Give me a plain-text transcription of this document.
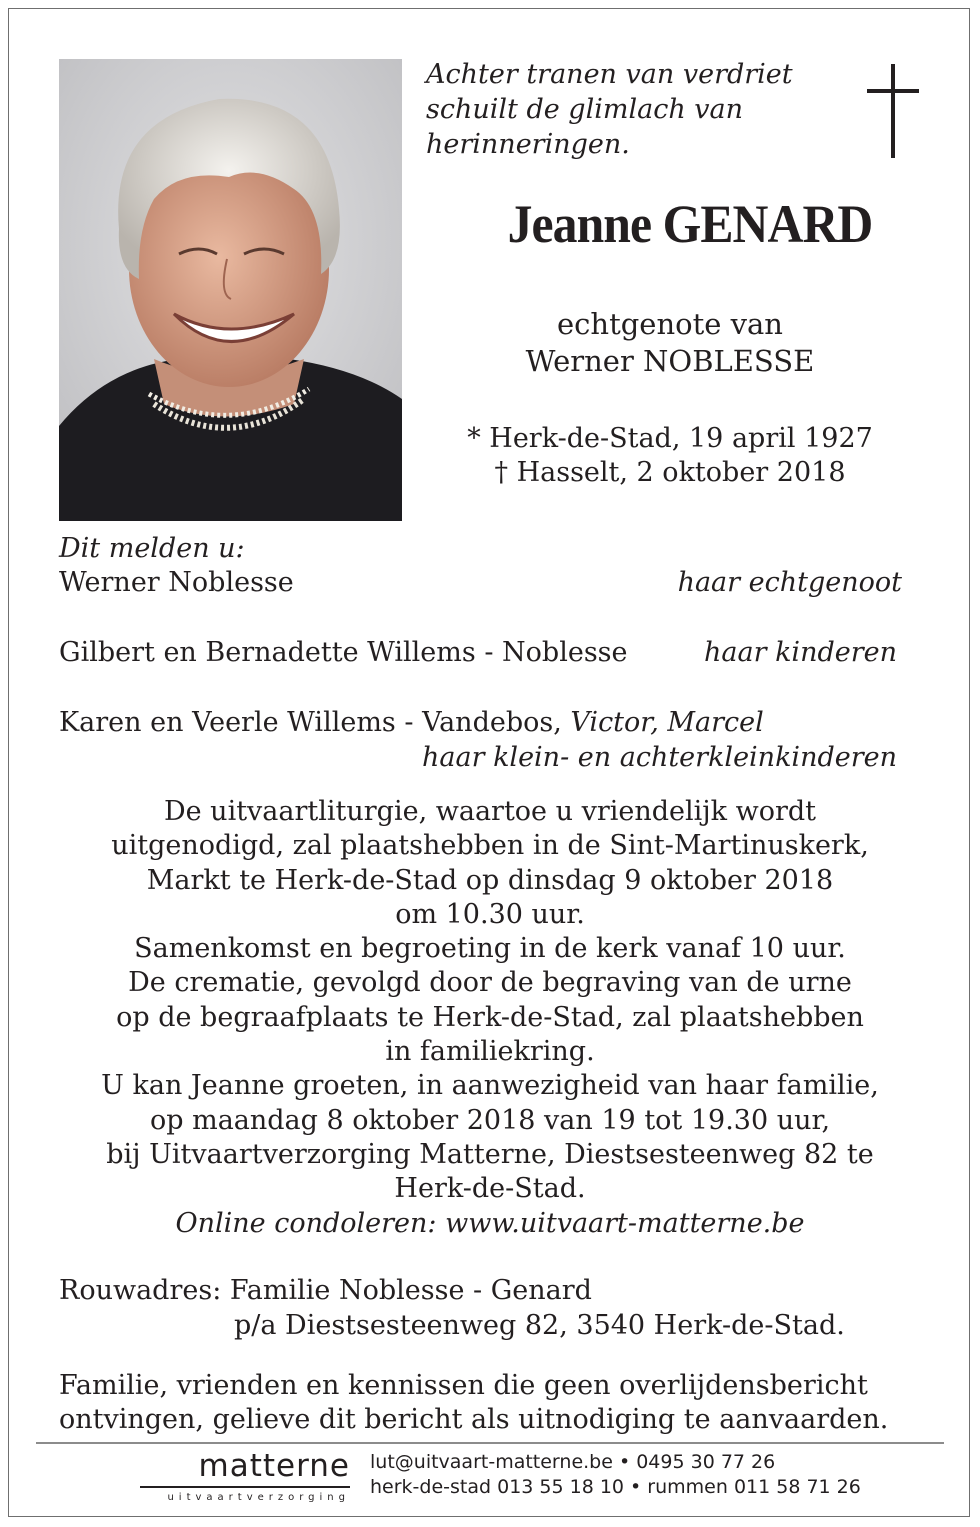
Achter tranen van verdriet
schuilt de glimlach van
herinneringen.
Jeanne GENARD
echtgenote van
Werner NOBLESSE
* Herk-de-Stad, 19 april 1927
† Hasselt, 2 oktober 2018
Dit melden u:
Werner Noblesse	haar echtgenoot
Gilbert en Bernadette Willems - Noblesse	haar kinderen
Karen en Veerle Willems - Vandebos, Victor, Marcel
haar klein- en achterkleinkinderen
De uitvaartliturgie, waartoe u vriendelijk wordt
uitgenodigd, zal plaatshebben in de Sint-Martinuskerk,
Markt te Herk-de-Stad op dinsdag 9 oktober 2018
om 10.30 uur.
Samenkomst en begroeting in de kerk vanaf 10 uur.
De crematie, gevolgd door de begraving van de urne
op de begraafplaats te Herk-de-Stad, zal plaatshebben
in familiekring.
U kan Jeanne groeten, in aanwezigheid van haar familie,
op maandag 8 oktober 2018 van 19 tot 19.30 uur,
bij Uitvaartverzorging Matterne, Diestsesteenweg 82 te
Herk-de-Stad.
Online condoleren: www.uitvaart-matterne.be
Rouwadres: Familie Noblesse - Genard
p/a Diestsesteenweg 82, 3540 Herk-de-Stad.
Familie, vrienden en kennissen die geen overlijdensbericht
ontvingen, gelieve dit bericht als uitnodiging te aanvaarden.
matterne
uitvaartverzorging
lut@uitvaart-matterne.be • 0495 30 77 26
herk-de-stad 013 55 18 10 • rummen 011 58 71 26
